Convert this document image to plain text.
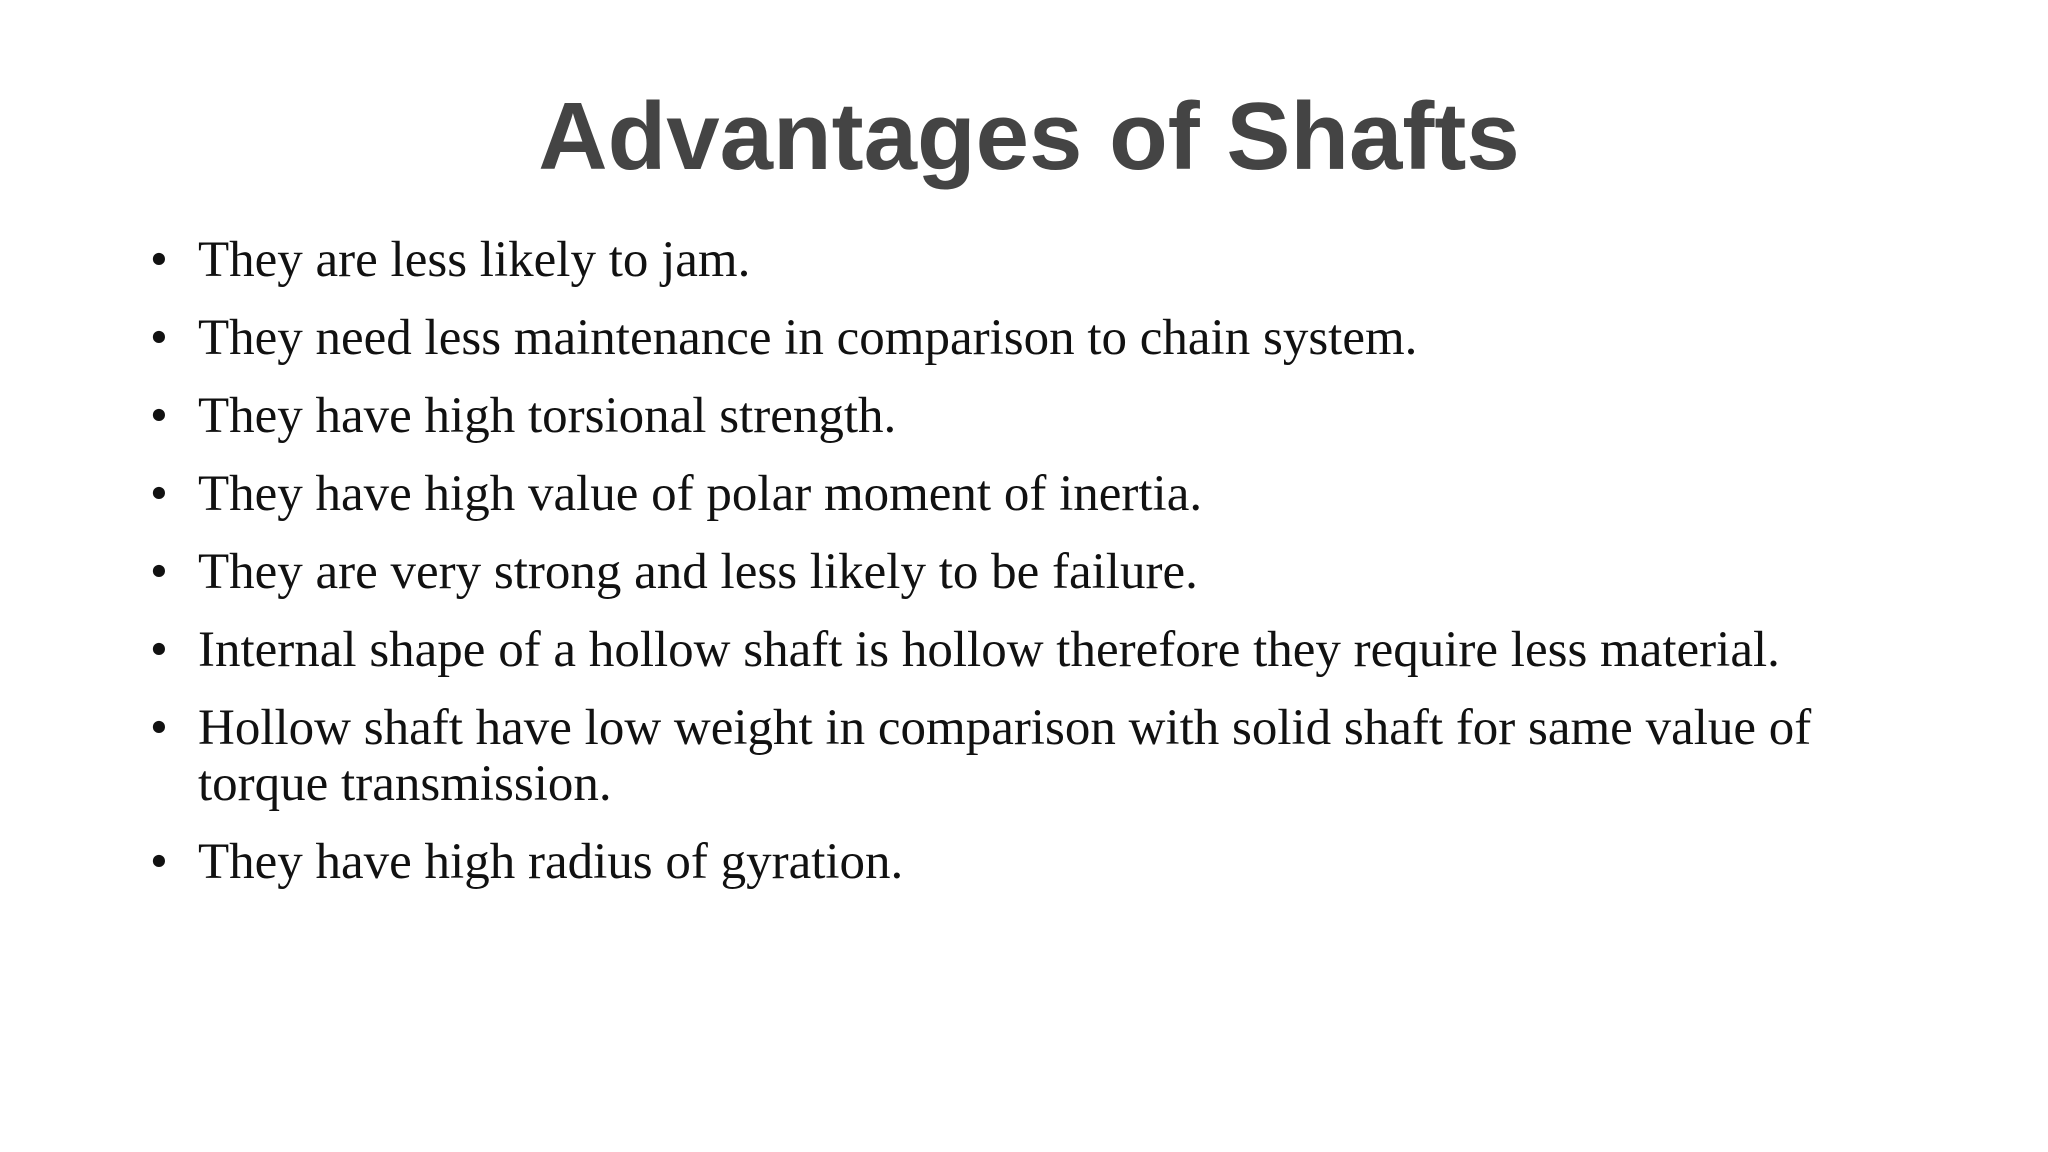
Advantages of Shafts
• They are less likely to jam.
• They need less maintenance in comparison to chain system.
• They have high torsional strength.
• They have high value of polar moment of inertia.
• They are very strong and less likely to be failure.
• Internal shape of a hollow shaft is hollow therefore they require less material.
• Hollow shaft have low weight in comparison with solid shaft for same value of torque transmission.
• They have high radius of gyration.
